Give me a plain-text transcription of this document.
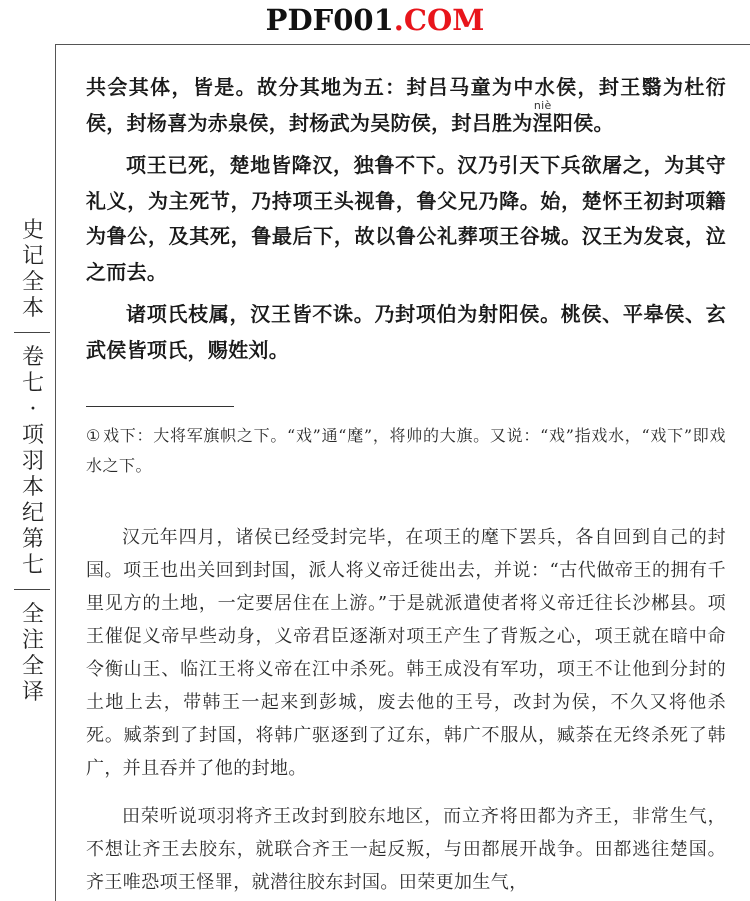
PDF001.COM
史
记
全
本
卷
七
·
项
羽
本
纪
第
七
全
注
全
译

共会其体，皆是。故分其地为五：封吕马童为中水侯，封王翳为杜衍侯，封杨喜为赤泉侯，封杨武为吴防侯，封吕胜为涅niè阳侯。

项王已死，楚地皆降汉，独鲁不下。汉乃引天下兵欲屠之，为其守礼义，为主死节，乃持项王头视鲁，鲁父兄乃降。始，楚怀王初封项籍为鲁公，及其死，鲁最后下，故以鲁公礼葬项王谷城。汉王为发哀，泣之而去。

诸项氏枝属，汉王皆不诛。乃封项伯为射阳侯。桃侯、平皋侯、玄武侯皆项氏，赐姓刘。

① 戏下：大将军旗帜之下。“戏”通“麾”，将帅的大旗。又说：“戏”指戏水，“戏下”即戏水之下。

汉元年四月，诸侯已经受封完毕，在项王的麾下罢兵，各自回到自己的封国。项王也出关回到封国，派人将义帝迁徙出去，并说：“古代做帝王的拥有千里见方的土地，一定要居住在上游。”于是就派遣使者将义帝迁往长沙郴县。项王催促义帝早些动身，义帝君臣逐渐对项王产生了背叛之心，项王就在暗中命令衡山王、临江王将义帝在江中杀死。韩王成没有军功，项王不让他到分封的土地上去，带韩王一起来到彭城，废去他的王号，改封为侯，不久又将他杀死。臧荼到了封国，将韩广驱逐到了辽东，韩广不服从，臧荼在无终杀死了韩广，并且吞并了他的封地。

田荣听说项羽将齐王改封到胶东地区，而立齐将田都为齐王，非常生气，不想让齐王去胶东，就联合齐王一起反叛，与田都展开战争。田都逃往楚国。齐王唯恐项王怪罪，就潜往胶东封国。田荣更加生气，
